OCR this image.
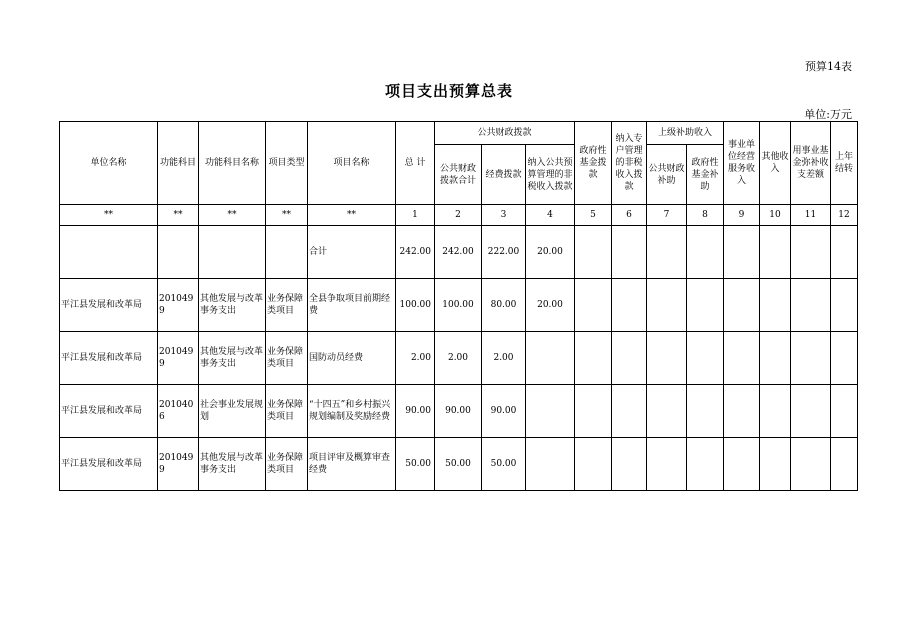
预算14表
项目支出预算总表
单位:万元
单位名称	功能科目	功能科目名称	项目类型	项目名称	总 计	公共财政拨款			政府性基金拨款	纳入专户管理的非税收入拨款	上级补助收入		事业单位经营服务收入	其他收入	用事业基金弥补收支差额	上年结转
						公共财政拨款合计	经费拨款	纳入公共预算管理的非税收入拨款			公共财政补助	政府性基金补助				

**	**	**	**	**	1	2	3	4	5	6	7	8	9	10	11	12
				合计	242.00	242.00	222.00	20.00								
平江县发展和改革局	2010499	其他发展与改革事务支出	业务保障类项目	全县争取项目前期经费	100.00	100.00	80.00	20.00								
平江县发展和改革局	2010499	其他发展与改革事务支出	业务保障类项目	国防动员经费	2.00	2.00	2.00									
平江县发展和改革局	2010406	社会事业发展规划	业务保障类项目	“十四五”和乡村振兴规划编制及奖励经费	90.00	90.00	90.00									
平江县发展和改革局	2010499	其他发展与改革事务支出	业务保障类项目	项目评审及概算审查经费	50.00	50.00	50.00									
